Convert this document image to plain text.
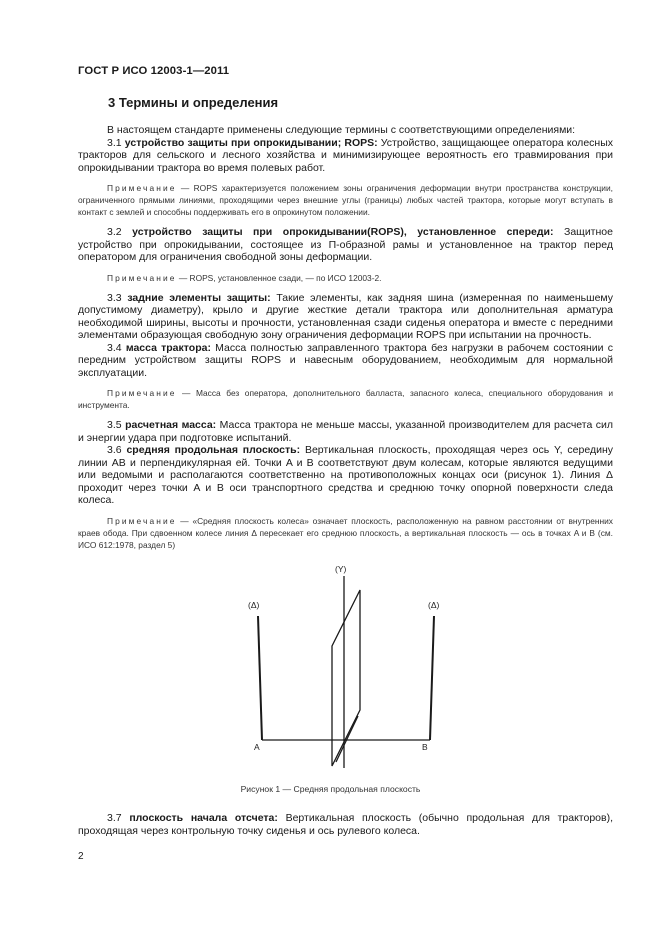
ГОСТ Р ИСО 12003-1—2011
3 Термины и определения

В настоящем стандарте применены следующие термины с соответствующими определениями:

3.1 устройство защиты при опрокидывании; ROPS: Устройство, защищающее оператора колесных тракторов для сельского и лесного хозяйства и минимизирующее вероятность его травмирования при опрокидывании трактора во время полевых работ.

Примечание — ROPS характеризуется положением зоны ограничения деформации внутри пространства конструкции, ограниченного прямыми линиями, проходящими через внешние углы (границы) любых частей трактора, которые могут вступать в контакт с землей и способны поддерживать его в опрокинутом положении.

3.2 устройство защиты при опрокидывании(ROPS), установленное спереди: Защитное устройство при опрокидывании, состоящее из П-образной рамы и установленное на трактор перед оператором для ограничения свободной зоны деформации.

Примечание — ROPS, установленное сзади, — по ИСО 12003-2.

3.3 задние элементы защиты: Такие элементы, как задняя шина (измеренная по наименьшему допустимому диаметру), крыло и другие жесткие детали трактора или дополнительная арматура необходимой ширины, высоты и прочности, установленная сзади сиденья оператора и вместе с передними элементами образующая свободную зону ограничения деформации ROPS при испытании на прочность.

3.4 масса трактора: Масса полностью заправленного трактора без нагрузки в рабочем состоянии с передним устройством защиты ROPS и навесным оборудованием, необходимым для нормальной эксплуатации.

Примечание — Масса без оператора, дополнительного балласта, запасного колеса, специального оборудования и инструмента.

3.5 расчетная масса: Масса трактора не меньше массы, указанной производителем для расчета сил и энергии удара при подготовке испытаний.

3.6 средняя продольная плоскость: Вертикальная плоскость, проходящая через ось Y, середину линии AB и перпендикулярная ей. Точки A и B соответствуют двум колесам, которые являются ведущими или ведомыми и располагаются соответственно на противоположных концах оси (рисунок 1). Линия Δ проходит через точки A и B оси транспортного средства и среднюю точку опорной поверхности следа колеса.

Примечание — «Средняя плоскость колеса» означает плоскость, расположенную на равном расстоянии от внутренних краев обода. При сдвоенном колесе линия Δ пересекает его среднюю плоскость, а вертикальная плоскость — ось в точках A и B (см. ИСО 612:1978, раздел 5)

(Y)
(Δ)	(Δ)
A	B
Рисунок 1 — Средняя продольная плоскость

3.7 плоскость начала отсчета: Вертикальная плоскость (обычно продольная для тракторов), проходящая через контрольную точку сиденья и ось рулевого колеса.

2
